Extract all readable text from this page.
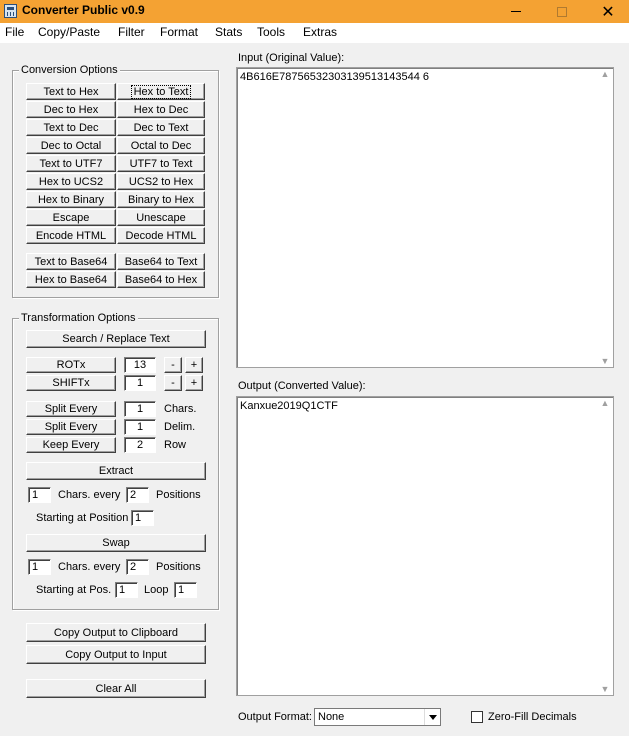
Converter Public v0.9	✕
File Copy/Paste Filter Format Stats Tools Extras
Conversion Options
Text to Hex	Hex to Text
Dec to Hex	Hex to Dec
Text to Dec	Dec to Text
Dec to Octal	Octal to Dec
Text to UTF7 UTF7 to Text
Hex to UCS2 UCS2 to Hex
Hex to Binary Binary to Hex
Escape	Unescape
Encode HTML Decode HTML
Text to Base64 Base64 to Text
Hex to Base64 Base64 to Hex
Transformation Options
Search / Replace Text
ROTx	13	- +
SHIFTx	1	- +
Split Every	1	Chars.
Split Every	1	Delim.
Keep Every	2	Row
Extract
1	Chars. every 2	Positions
Starting at Position 1
Swap
1	Chars. every 2	Positions
Starting at Pos. 1	Loop 1
Copy Output to Clipboard
Copy Output to Input
Clear All
Input (Original Value):
4B616E78756532303139513143544 6	▲
▼
Output (Converted Value):
Kanxue2019Q1CTF	▲
▼
Output Format: None	Zero-Fill Decimals
